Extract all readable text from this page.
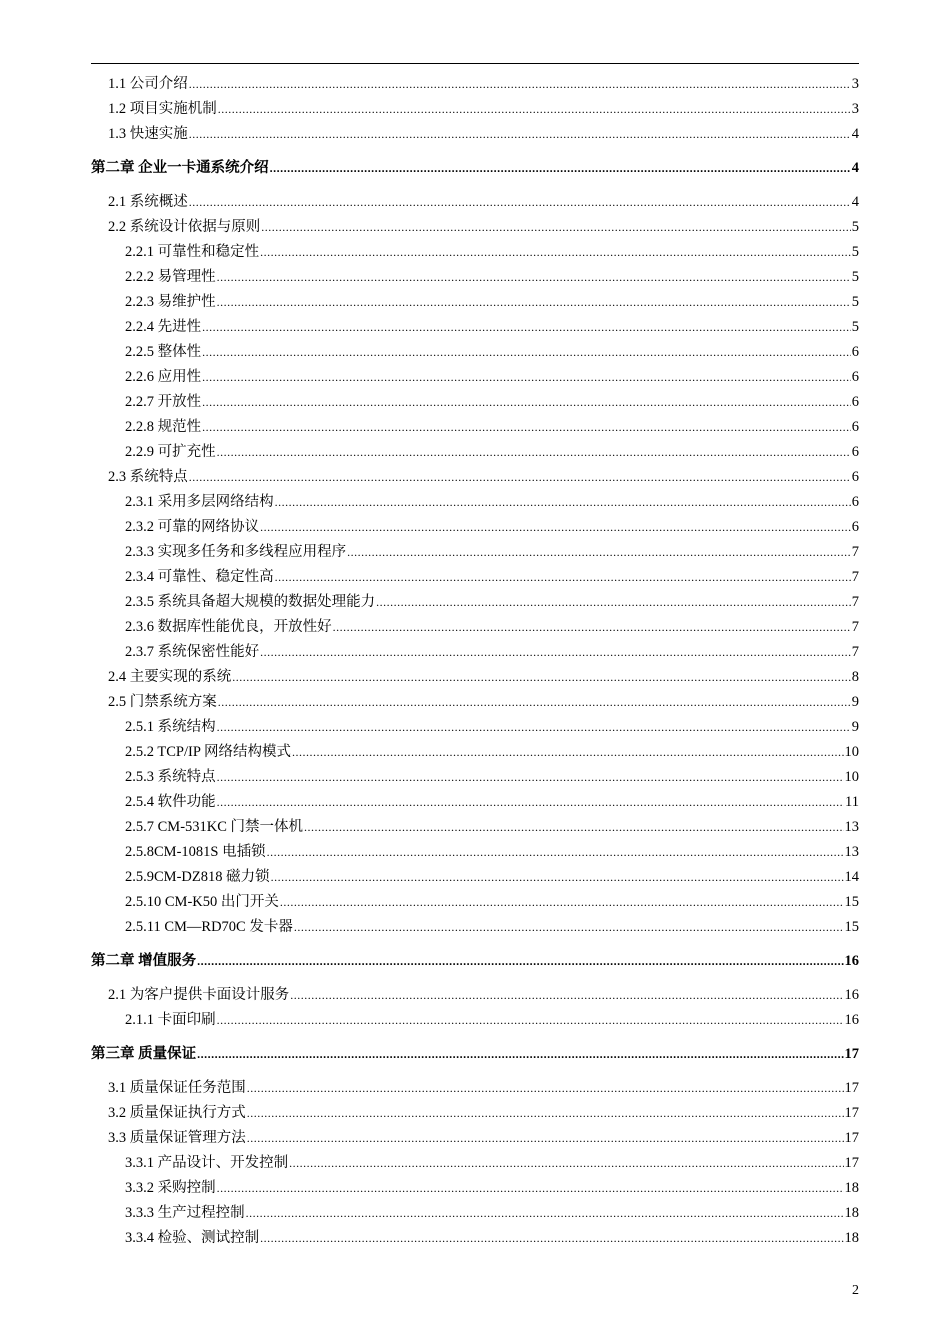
1.1 公司介绍 .....	3
1.2 项目实施机制 .....	3
1.3 快速实施 .....	4
第二章 企业一卡通系统介绍 .....	4
2.1 系统概述 .....	4
2.2 系统设计依据与原则 .....	5
2.2.1 可靠性和稳定性 .....	5
2.2.2 易管理性 .....	5
2.2.3 易维护性 .....	5
2.2.4 先进性 .....	5
2.2.5 整体性 .....	6
2.2.6 应用性 .....	6
2.2.7 开放性 .....	6
2.2.8 规范性 .....	6
2.2.9 可扩充性 .....	6
2.3 系统特点 .....	6
2.3.1 采用多层网络结构 .....	6
2.3.2 可靠的网络协议 .....	6
2.3.3 实现多任务和多线程应用程序 .....	7
2.3.4 可靠性、稳定性高 .....	7
2.3.5 系统具备超大规模的数据处理能力 .....	7
2.3.6 数据库性能优良，开放性好 .....	7
2.3.7 系统保密性能好 .....	7
2.4 主要实现的系统 .....	8
2.5 门禁系统方案 .....	9
2.5.1 系统结构 .....	9
2.5.2 TCP/IP 网络结构模式 .....	10
2.5.3 系统特点 .....	10
2.5.4 软件功能 .....	11
2.5.7 CM-531KC 门禁一体机 .....	13
2.5.8CM-1081S 电插锁 .....	13
2.5.9CM-DZ818 磁力锁 .....	14
2.5.10 CM-K50 出门开关 .....	15
2.5.11 CM—RD70C 发卡器 .....	15
第二章 增值服务 .....	16
2.1 为客户提供卡面设计服务 .....	16
2.1.1 卡面印刷 .....	16
第三章 质量保证 .....	17
3.1 质量保证任务范围 .....	17
3.2 质量保证执行方式 .....	17
3.3 质量保证管理方法 .....	17
3.3.1 产品设计、开发控制 .....	17
3.3.2 采购控制 .....	18
3.3.3 生产过程控制 .....	18
3.3.4 检验、测试控制 .....	18
2
